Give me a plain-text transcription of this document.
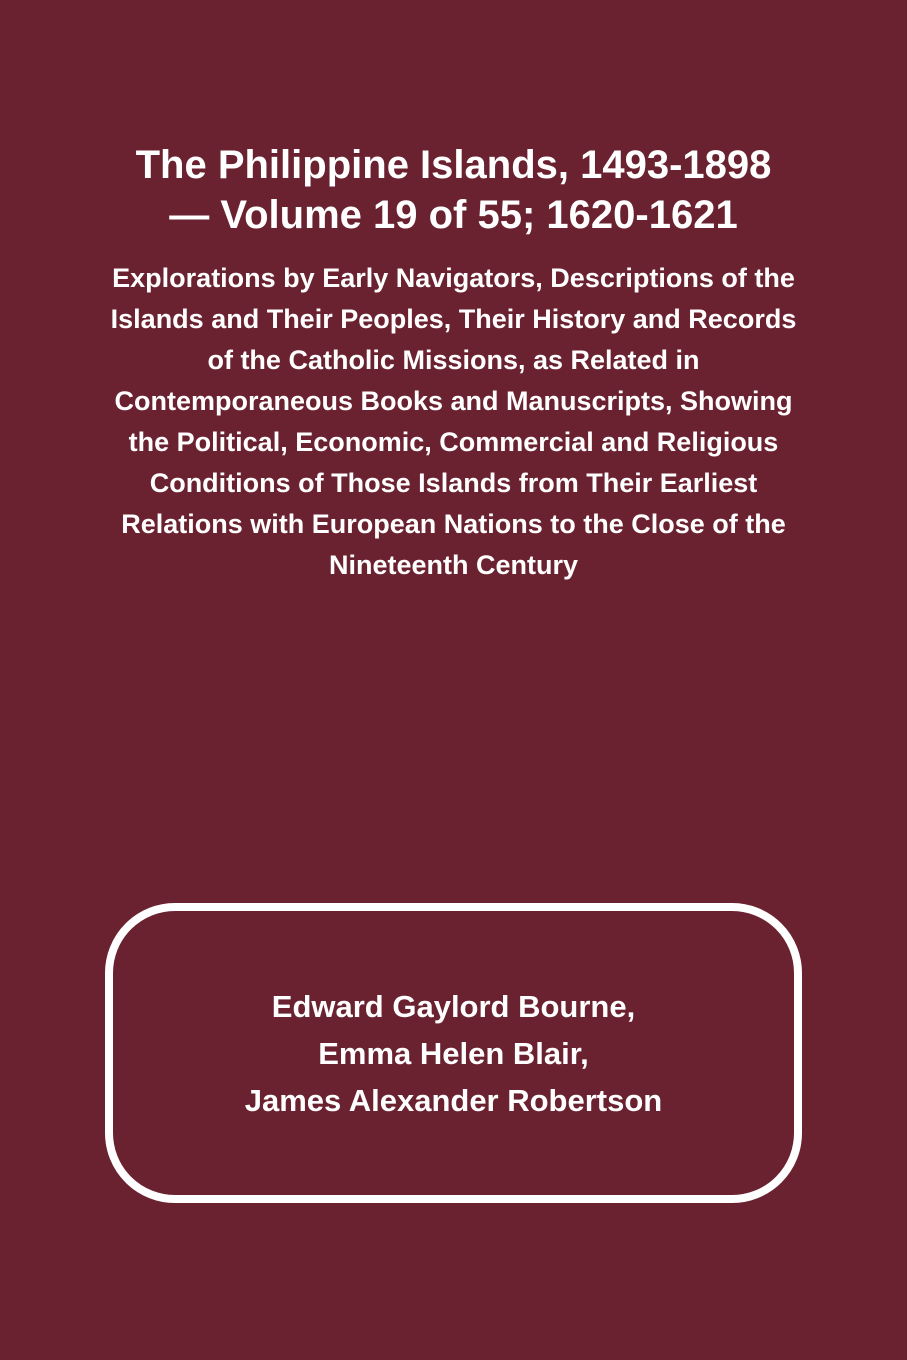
The Philippine Islands, 1493-1898 — Volume 19 of 55; 1620-1621

Explorations by Early Navigators, Descriptions of the Islands and Their Peoples, Their History and Records of the Catholic Missions, as Related in Contemporaneous Books and Manuscripts, Showing the Political, Economic, Commercial and Religious Conditions of Those Islands from Their Earliest Relations with European Nations to the Close of the Nineteenth Century

Edward Gaylord Bourne,
Emma Helen Blair,
James Alexander Robertson
